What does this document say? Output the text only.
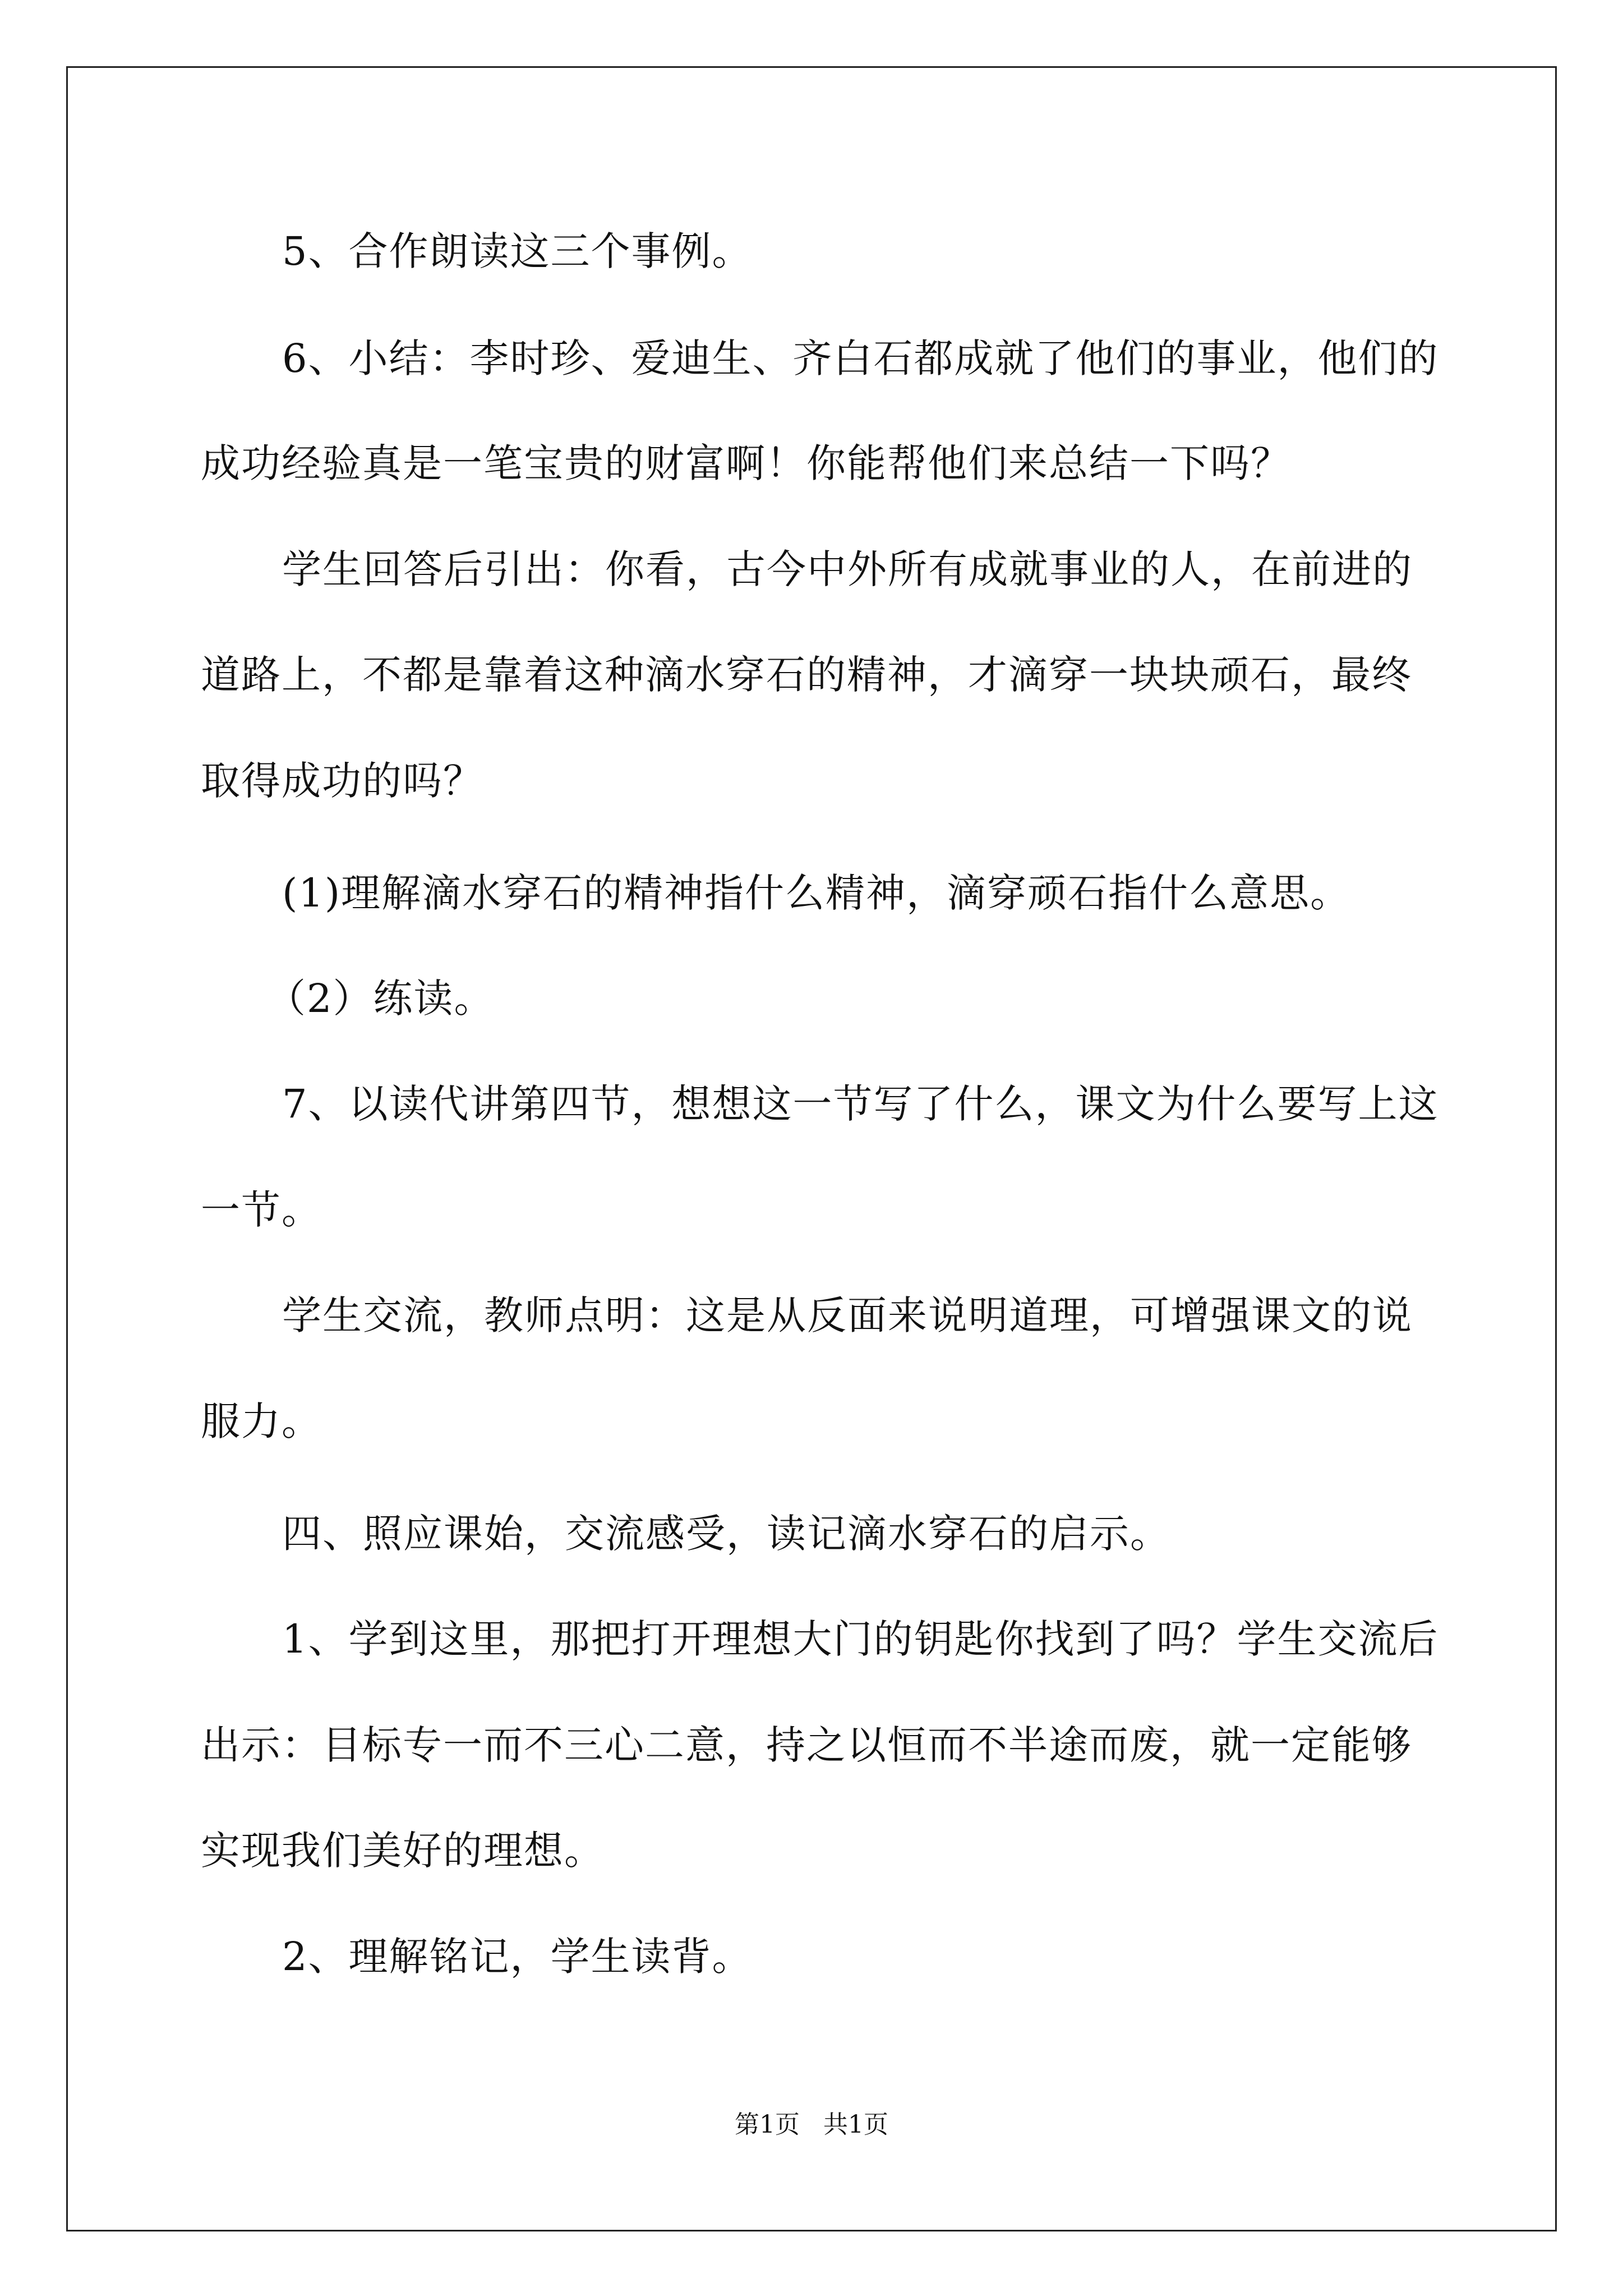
5、合作朗读这三个事例。

6、小结：李时珍、爱迪生、齐白石都成就了他们的事业，他们的

成功经验真是一笔宝贵的财富啊！你能帮他们来总结一下吗？

学生回答后引出：你看，古今中外所有成就事业的人，在前进的

道路上，不都是靠着这种滴水穿石的精神，才滴穿一块块顽石，最终

取得成功的吗？

(1)理解滴水穿石的精神指什么精神，滴穿顽石指什么意思。

（2）练读。

7、以读代讲第四节，想想这一节写了什么，课文为什么要写上这

一节。

学生交流，教师点明：这是从反面来说明道理，可增强课文的说

服力。

四、照应课始，交流感受，读记滴水穿石的启示。

1、学到这里，那把打开理想大门的钥匙你找到了吗？学生交流后

出示：目标专一而不三心二意，持之以恒而不半途而废，就一定能够

实现我们美好的理想。

2、理解铭记，学生读背。

第1页   共1页
